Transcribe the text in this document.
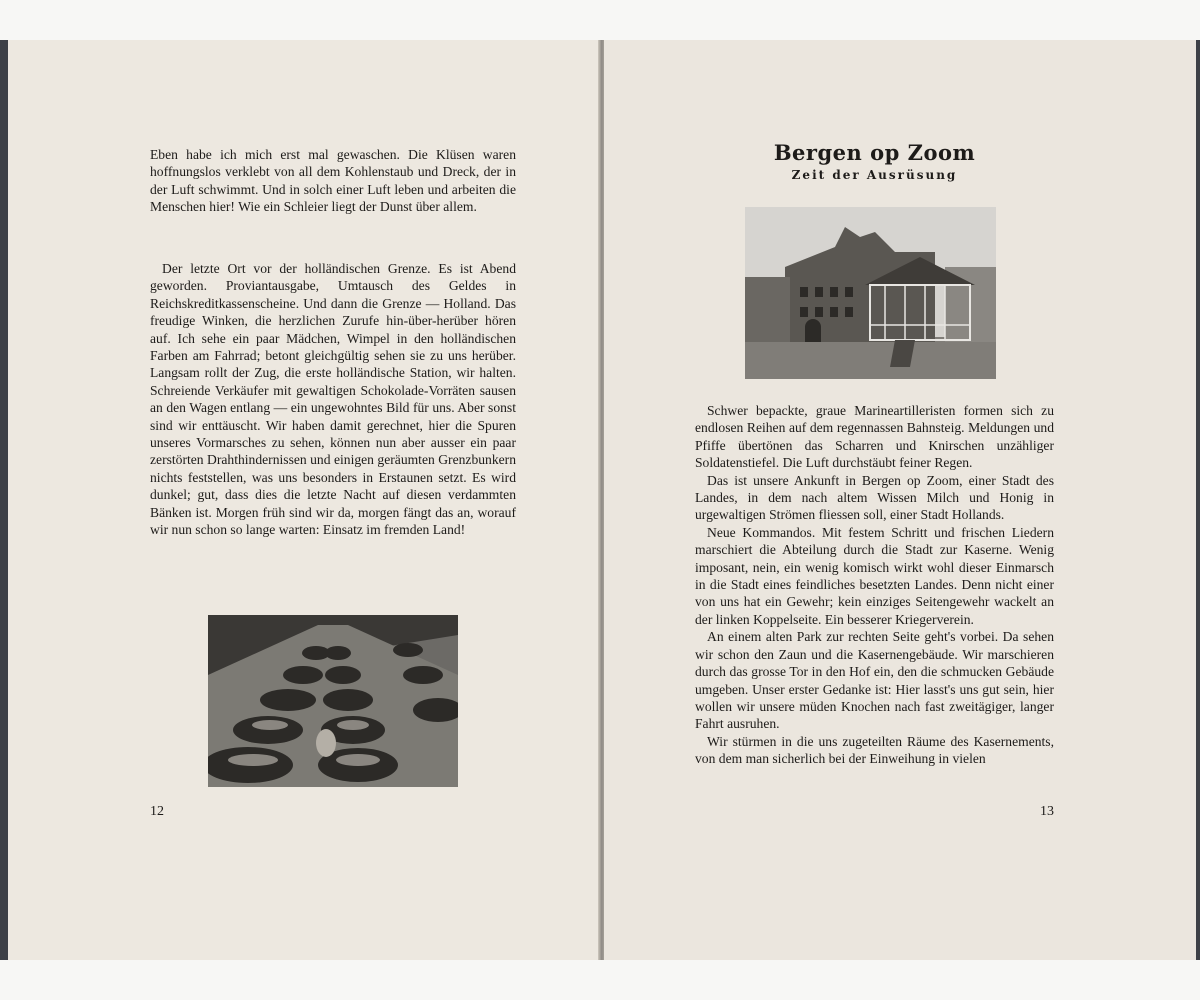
Eben habe ich mich erst mal gewaschen. Die Klüsen waren hoffnungslos verklebt von all dem Kohlenstaub und Dreck, der in der Luft schwimmt. Und in solch einer Luft leben und arbeiten die Menschen hier! Wie ein Schleier liegt der Dunst über allem.

Der letzte Ort vor der holländischen Grenze. Es ist Abend geworden. Proviantausgabe, Umtausch des Geldes in Reichskreditkassenscheine. Und dann die Grenze — Holland. Das freudige Winken, die herzlichen Zurufe hin-über-herüber hören auf. Ich sehe ein paar Mädchen, Wimpel in den holländischen Farben am Fahrrad; betont gleichgültig sehen sie zu uns herüber. Langsam rollt der Zug, die erste holländische Station, wir halten. Schreiende Verkäufer mit gewaltigen Schokolade-Vorräten sausen an den Wagen entlang — ein ungewohntes Bild für uns. Aber sonst sind wir enttäuscht. Wir haben damit gerechnet, hier die Spuren unseres Vormarsches zu sehen, können nun aber ausser ein paar zerstörten Drahthindernissen und einigen geräumten Grenzbunkern nichts feststellen, was uns besonders in Erstaunen setzt. Es wird dunkel; gut, dass dies die letzte Nacht auf diesen verdammten Bänken ist. Morgen früh sind wir da, morgen fängt das an, worauf wir nun schon so lange warten: Einsatz im fremden Land!

12
Bergen op Zoom
Zeit der Ausrüsung

Schwer bepackte, graue Marineartilleristen formen sich zu endlosen Reihen auf dem regennassen Bahnsteig. Meldungen und Pfiffe übertönen das Scharren und Knirschen unzähliger Soldatenstiefel. Die Luft durchstäubt feiner Regen.

Das ist unsere Ankunft in Bergen op Zoom, einer Stadt des Landes, in dem nach altem Wissen Milch und Honig in urgewaltigen Strömen fliessen soll, einer Stadt Hollands.

Neue Kommandos. Mit festem Schritt und frischen Liedern marschiert die Abteilung durch die Stadt zur Kaserne. Wenig imposant, nein, ein wenig komisch wirkt wohl dieser Einmarsch in die Stadt eines feindliches besetzten Landes. Denn nicht einer von uns hat ein Gewehr; kein einziges Seitengewehr wackelt an der linken Koppelseite. Ein besserer Kriegerverein.

An einem alten Park zur rechten Seite geht's vorbei. Da sehen wir schon den Zaun und die Kasernengebäude. Wir marschieren durch das grosse Tor in den Hof ein, den die schmucken Gebäude umgeben. Unser erster Gedanke ist: Hier lasst's uns gut sein, hier wollen wir unsere müden Knochen nach fast zweitägiger, langer Fahrt ausruhen.

Wir stürmen in die uns zugeteilten Räume des Kasernements, von dem man sicherlich bei der Einweihung in vielen

13
